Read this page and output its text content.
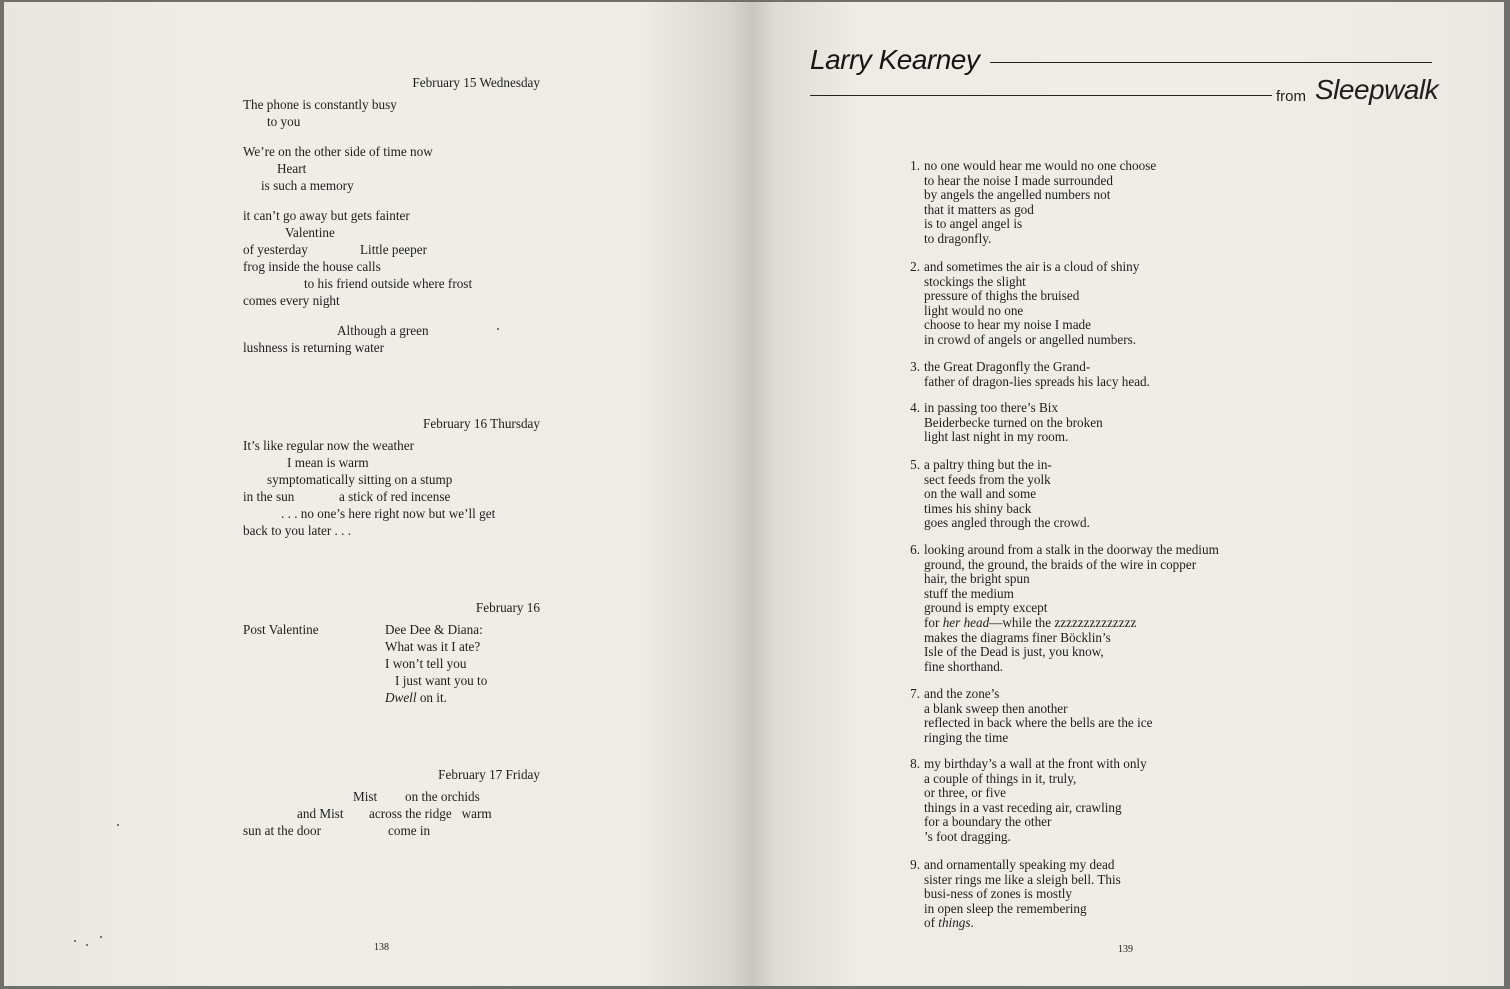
February 15 Wednesday
The phone is constantly busy
to you
We’re on the other side of time now
Heart
is such a memory
it can’t go away but gets fainter
Valentine
of yesterday	Little peeper
frog inside the house calls
to his friend outside where frost
comes every night
Although a green
lushness is returning water
February 16 Thursday
It’s like regular now the weather
I mean is warm
symptomatically sitting on a stump
in the sun	a stick of red incense
. . . no one’s here right now but we’ll get
back to you later . . .
February 16
Post Valentine	Dee Dee & Diana:
What was it I ate?
I won’t tell you
I just want you to
Dwell on it.
February 17 Friday
Mist on the orchids
and Mist across the ridge   warm
sun at the door	come in
138
Larry Kearney
from Sleepwalk
1. no one would hear me would no one choose
to hear the noise I made surrounded
by angels the angelled numbers not
that it matters as god
is to angel angel is
to dragonfly.
2. and sometimes the air is a cloud of shiny
stockings the slight
pressure of thighs the bruised
light would no one
choose to hear my noise I made
in crowd of angels or angelled numbers.
3. the Great Dragonfly the Grand-
father of dragon-lies spreads his lacy head.
4. in passing too there’s Bix
Beiderbecke turned on the broken
light last night in my room.
5. a paltry thing but the in-
sect feeds from the yolk
on the wall and some
times his shiny back
goes angled through the crowd.
6. looking around from a stalk in the doorway the medium
ground, the ground, the braids of the wire in copper
hair, the bright spun
stuff the medium
ground is empty except
for her head—while the zzzzzzzzzzzzzz
makes the diagrams finer Böcklin’s
Isle of the Dead is just, you know,
fine shorthand.
7. and the zone’s
a blank sweep then another
reflected in back where the bells are the ice
ringing the time
8. my birthday’s a wall at the front with only
a couple of things in it, truly,
or three, or five
things in a vast receding air, crawling
for a boundary the other
’s foot dragging.
9. and ornamentally speaking my dead
sister rings me like a sleigh bell. This
busi-ness of zones is mostly
in open sleep the remembering
of things.
139
